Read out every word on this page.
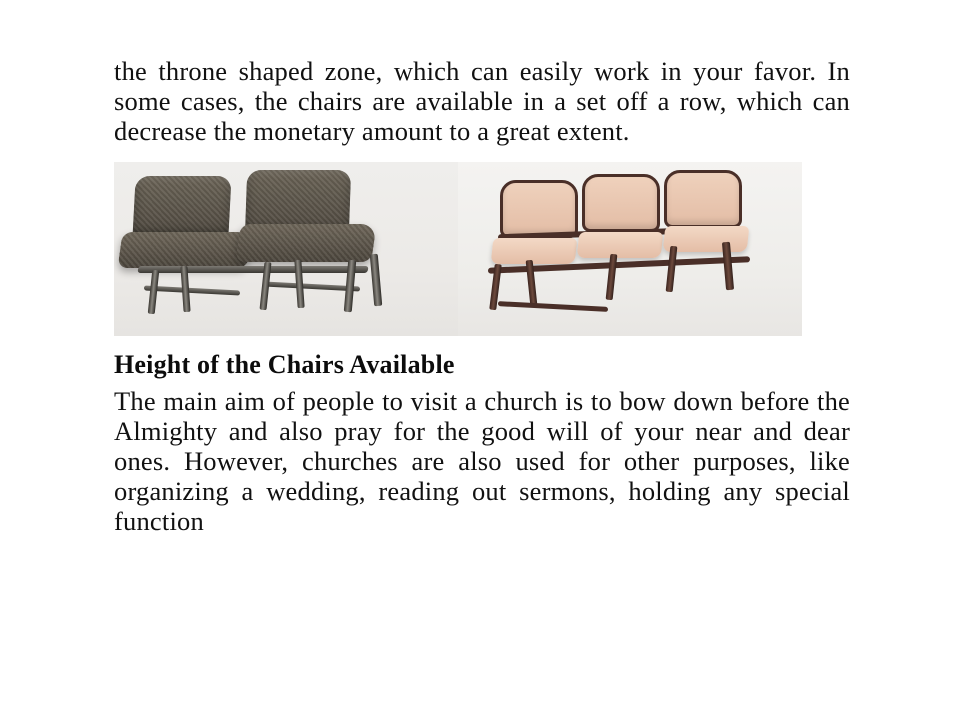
the throne shaped zone, which can easily work in your favor. In some cases, the chairs are available in a set off a row, which can decrease the monetary amount to a great extent.

Height of the Chairs Available

The main aim of people to visit a church is to bow down before the Almighty and also pray for the good will of your near and dear ones. However, churches are also used for other purposes, like organizing a wedding, reading out sermons, holding any special function
